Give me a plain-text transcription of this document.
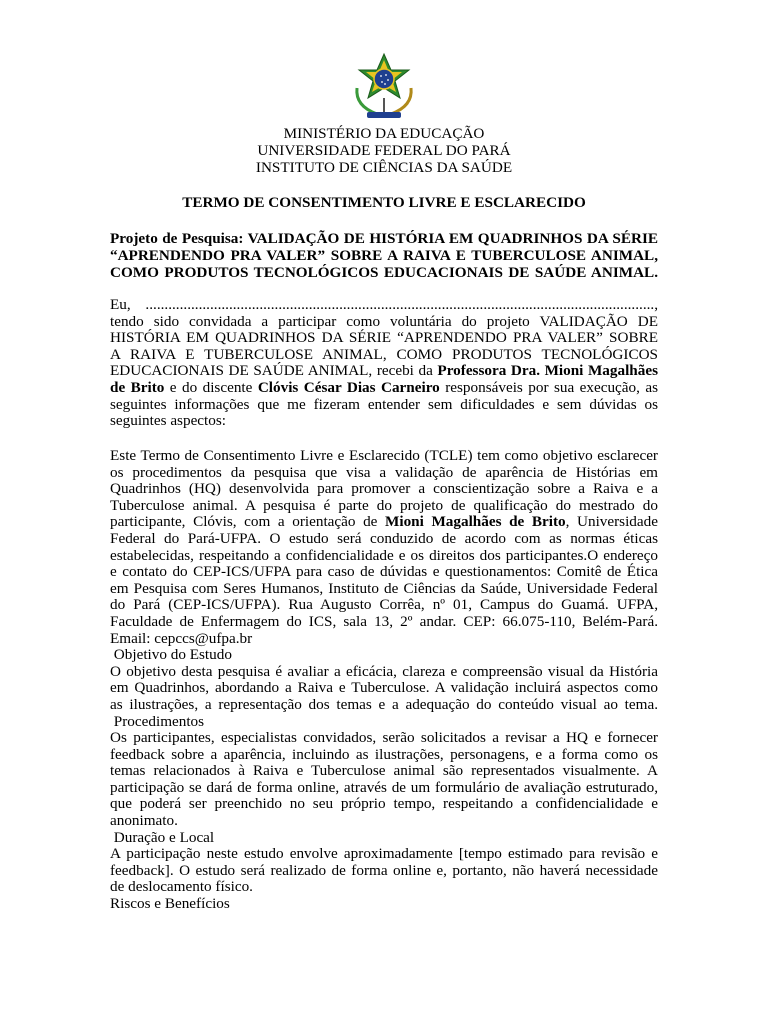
MINISTÉRIO DA EDUCAÇÃO
UNIVERSIDADE FEDERAL DO PARÁ
INSTITUTO DE CIÊNCIAS DA SAÚDE
TERMO DE CONSENTIMENTO LIVRE E ESCLARECIDO
Projeto de Pesquisa: VALIDAÇÃO DE HISTÓRIA EM QUADRINHOS DA SÉRIE
“APRENDENDO PRA VALER” SOBRE A RAIVA E TUBERCULOSE ANIMAL,
COMO PRODUTOS TECNOLÓGICOS EDUCACIONAIS DE SAÚDE ANIMAL.
Eu, ......................................................................................................................................,
tendo sido convidada a participar como voluntária do projeto VALIDAÇÃO DE
HISTÓRIA EM QUADRINHOS DA SÉRIE “APRENDENDO PRA VALER” SOBRE
A RAIVA E TUBERCULOSE ANIMAL, COMO PRODUTOS TECNOLÓGICOS
EDUCACIONAIS DE SAÚDE ANIMAL, recebi da Professora Dra. Mioni Magalhães
de Brito e do discente Clóvis César Dias Carneiro responsáveis por sua execução, as
seguintes informações que me fizeram entender sem dificuldades e sem dúvidas os
seguintes aspectos:
Este Termo de Consentimento Livre e Esclarecido (TCLE) tem como objetivo esclarecer
os procedimentos da pesquisa que visa a validação de aparência de Histórias em
Quadrinhos (HQ) desenvolvida para promover a conscientização sobre a Raiva e a
Tuberculose animal. A pesquisa é parte do projeto de qualificação do mestrado do
participante, Clóvis, com a orientação de Mioni Magalhães de Brito, Universidade
Federal do Pará-UFPA. O estudo será conduzido de acordo com as normas éticas
estabelecidas, respeitando a confidencialidade e os direitos dos participantes.O endereço
e contato do CEP-ICS/UFPA para caso de dúvidas e questionamentos: Comitê de Ética
em Pesquisa com Seres Humanos, Instituto de Ciências da Saúde, Universidade Federal
do Pará (CEP-ICS/UFPA). Rua Augusto Corrêa, nº 01, Campus do Guamá. UFPA,
Faculdade de Enfermagem do ICS, sala 13, 2º andar. CEP: 66.075-110, Belém-Pará.
Email: cepccs@ufpa.br
Objetivo do Estudo
O objetivo desta pesquisa é avaliar a eficácia, clareza e compreensão visual da História
em Quadrinhos, abordando a Raiva e Tuberculose. A validação incluirá aspectos como
as ilustrações, a representação dos temas e a adequação do conteúdo visual ao tema.
Procedimentos
Os participantes, especialistas convidados, serão solicitados a revisar a HQ e fornecer
feedback sobre a aparência, incluindo as ilustrações, personagens, e a forma como os
temas relacionados à Raiva e Tuberculose animal são representados visualmente. A
participação se dará de forma online, através de um formulário de avaliação estruturado,
que poderá ser preenchido no seu próprio tempo, respeitando a confidencialidade e
anonimato.
Duração e Local
A participação neste estudo envolve aproximadamente [tempo estimado para revisão e
feedback]. O estudo será realizado de forma online e, portanto, não haverá necessidade
de deslocamento físico.
Riscos e Benefícios
